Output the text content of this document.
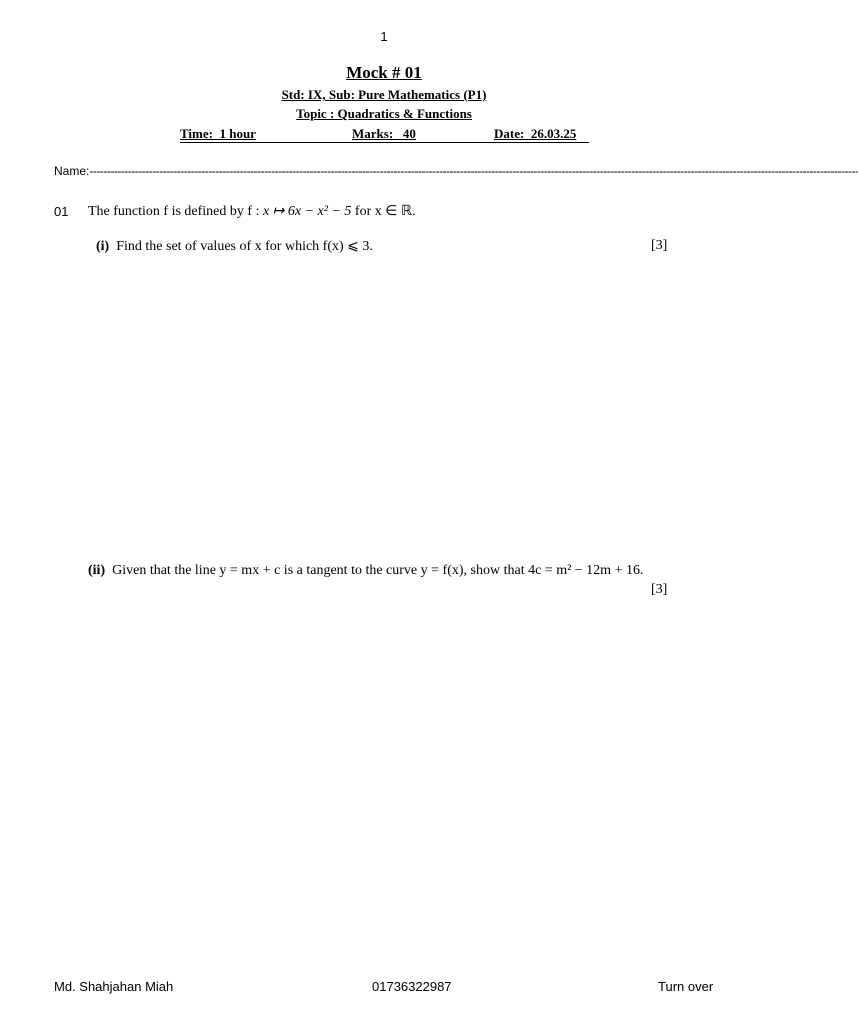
1
Mock # 01
Std: IX, Sub: Pure Mathematics (P1)
Topic : Quadratics & Functions
Time:  1 hour	Marks:   40	Date:  26.03.25
Name:----------------------------------------------------------------------------------------------------------------------------------------------------------------------------------------------------------------------------
01 The function f is defined by f : x ↦ 6x − x² − 5 for x ∈ ℝ.
(i) Find the set of values of x for which f(x) ⩽ 3.	[3]
(ii) Given that the line y = mx + c is a tangent to the curve y = f(x), show that 4c = m² − 12m + 16.
[3]
Md. Shahjahan Miah	01736322987	Turn over
